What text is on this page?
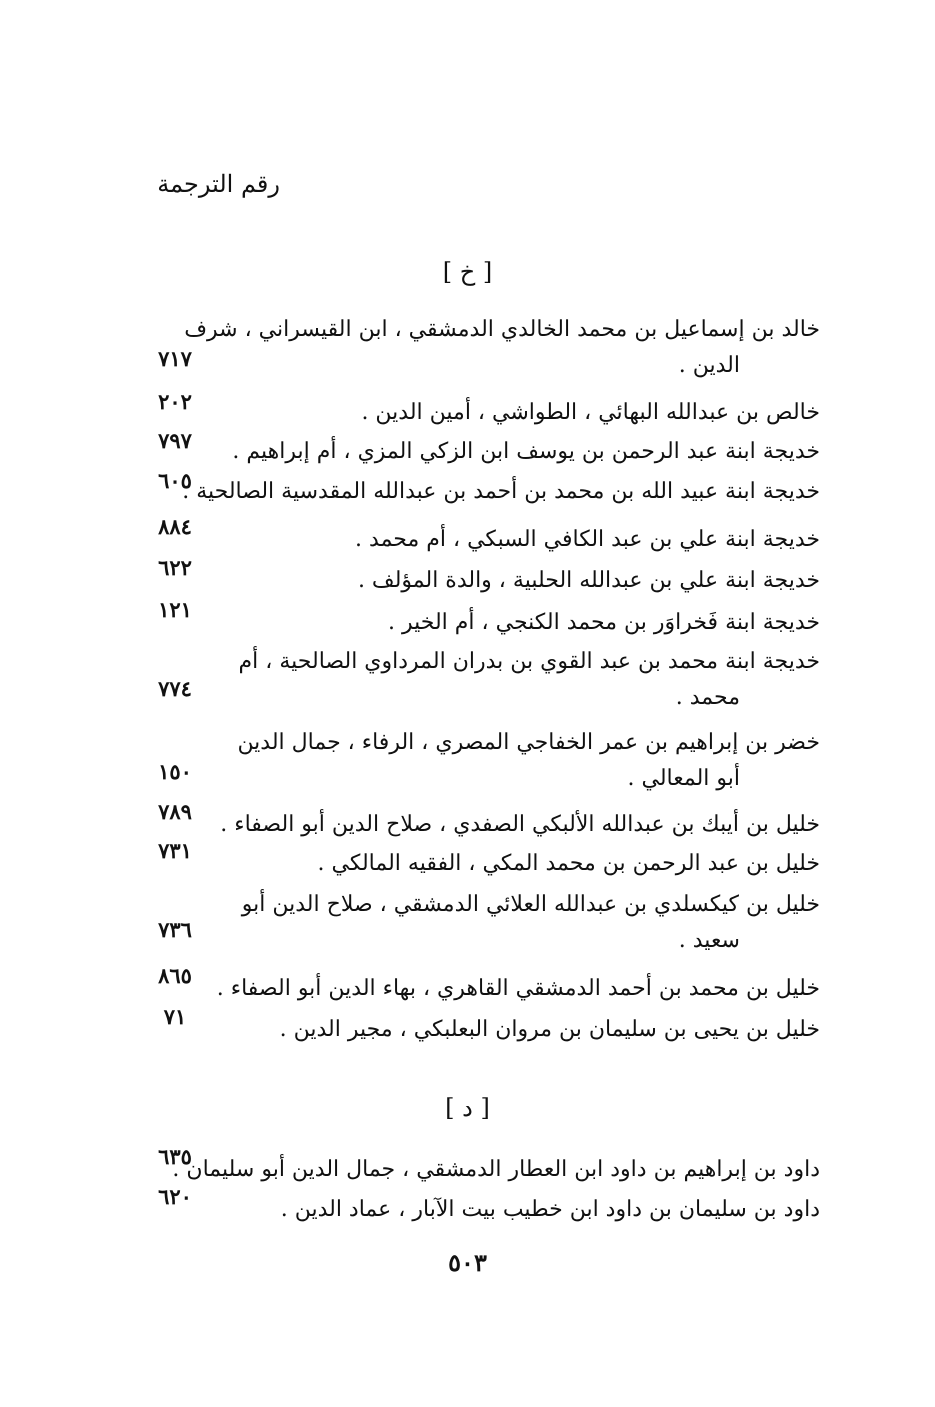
رقم الترجمة
[ خ ]
خالد بن إسماعيل بن محمد الخالدي الدمشقي ، ابن القيسراني ، شرف
الدين .
٧١٧
خالص بن عبدالله البهائي ، الطواشي ، أمين الدين .
٢٠٢
خديجة ابنة عبد الرحمن بن يوسف ابن الزكي المزي ، أم إبراهيم .
٧٩٧
خديجة ابنة عبيد الله بن محمد بن أحمد بن عبدالله المقدسية الصالحية .
٦٠٥
خديجة ابنة علي بن عبد الكافي السبكي ، أم محمد .
٨٨٤
خديجة ابنة علي بن عبدالله الحلبية ، والدة المؤلف .
٦٢٢
خديجة ابنة فَخراوَر بن محمد الكنجي ، أم الخير .
١٢١
خديجة ابنة محمد بن عبد القوي بن بدران المرداوي الصالحية ، أم
محمد .
٧٧٤
خضر بن إبراهيم بن عمر الخفاجي المصري ، الرفاء ، جمال الدين
أبو المعالي .
١٥٠
خليل بن أيبك بن عبدالله الألبكي الصفدي ، صلاح الدين أبو الصفاء .
٧٨٩
خليل بن عبد الرحمن بن محمد المكي ، الفقيه المالكي .
٧٣١
خليل بن كيكسلدي بن عبدالله العلائي الدمشقي ، صلاح الدين أبو
سعيد .
٧٣٦
خليل بن محمد بن أحمد الدمشقي القاهري ، بهاء الدين أبو الصفاء .
٨٦٥
خليل بن يحيى بن سليمان بن مروان البعلبكي ، مجير الدين .
٧١
[ د ]
داود بن إبراهيم بن داود ابن العطار الدمشقي ، جمال الدين أبو سليمان .
٦٣٥
داود بن سليمان بن داود ابن خطيب بيت الآبار ، عماد الدين .
٦٢٠
٥٠٣
